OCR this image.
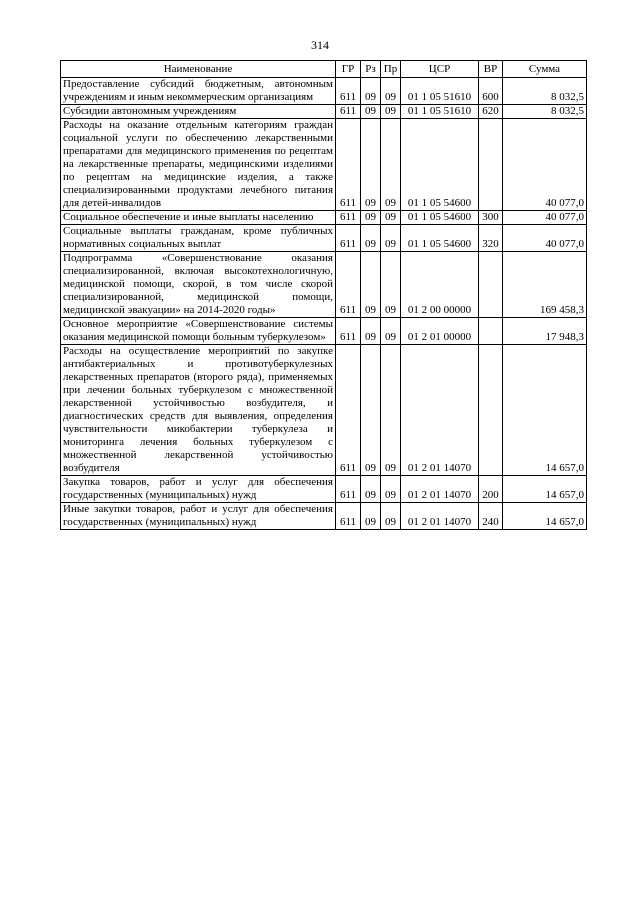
314
Наименование	ГР	Рз	Пр	ЦСР	ВР	Сумма
Предоставление субсидий бюджетным, автономным учреждениям и иным некоммерческим организациям	611	09	09	01 1 05 51610	600	8 032,5
Субсидии автономным учреждениям	611	09	09	01 1 05 51610	620	8 032,5
Расходы на оказание отдельным категориям граждан социальной услуги по обеспечению лекарственными препаратами для медицинского применения по рецептам на лекарственные препараты, медицинскими изделиями по рецептам на медицинские изделия, а также специализированными продуктами лечебного питания для детей-инвалидов	611	09	09	01 1 05 54600		40 077,0
Социальное обеспечение и иные выплаты населению	611	09	09	01 1 05 54600	300	40 077,0
Социальные выплаты гражданам, кроме публичных нормативных социальных выплат	611	09	09	01 1 05 54600	320	40 077,0
Подпрограмма «Совершенствование оказания специализированной, включая высокотехнологичную, медицинской помощи, скорой, в том числе скорой специализированной, медицинской помощи, медицинской эвакуации» на 2014-2020 годы»	611	09	09	01 2 00 00000		169 458,3
Основное мероприятие «Совершенствование системы оказания медицинской помощи больным туберкулезом»	611	09	09	01 2 01 00000		17 948,3
Расходы на осуществление мероприятий по закупке антибактериальных и противотуберкулезных лекарственных препаратов (второго ряда), применяемых при лечении больных туберкулезом с множественной лекарственной устойчивостью возбудителя, и диагностических средств для выявления, определения чувствительности микобактерии туберкулеза и мониторинга лечения больных туберкулезом с множественной лекарственной устойчивостью возбудителя	611	09	09	01 2 01 14070		14 657,0
Закупка товаров, работ и услуг для обеспечения государственных (муниципальных) нужд	611	09	09	01 2 01 14070	200	14 657,0
Иные закупки товаров, работ и услуг для обеспечения государственных (муниципальных) нужд	611	09	09	01 2 01 14070	240	14 657,0
